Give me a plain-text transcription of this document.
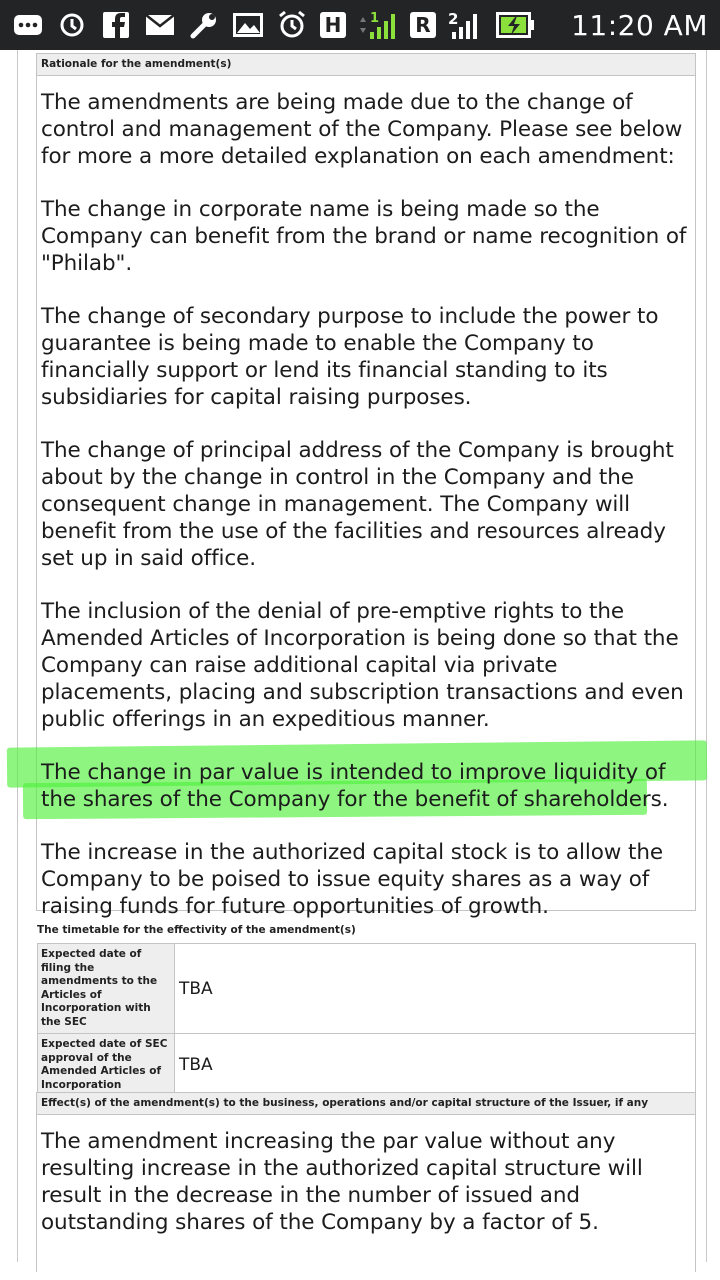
H	1 R	2	11:20 AM
Rationale for the amendment(s)

The amendments are being made due to the change of control and management of the Company. Please see below for more a more detailed explanation on each amendment:

The change in corporate name is being made so the Company can benefit from the brand or name recognition of "Philab".

The change of secondary purpose to include the power to guarantee is being made to enable the Company to financially support or lend its financial standing to its subsidiaries for capital raising purposes.

The change of principal address of the Company is brought about by the change in control in the Company and the consequent change in management. The Company will benefit from the use of the facilities and resources already set up in said office.

The inclusion of the denial of pre-emptive rights to the Amended Articles of Incorporation is being done so that the Company can raise additional capital via private placements, placing and subscription transactions and even public offerings in an expeditious manner.

The change in par value is intended to improve liquidity of the shares of the Company for the benefit of shareholders.

The increase in the authorized capital stock is to allow the Company to be poised to issue equity shares as a way of raising funds for future opportunities of growth.

The timetable for the effectivity of the amendment(s)
Expected date of filing the amendments to the Articles of Incorporation with the SEC	TBA
Expected date of SEC approval of the Amended Articles of Incorporation	TBA
Effect(s) of the amendment(s) to the business, operations and/or capital structure of the Issuer, if any

The amendment increasing the par value without any resulting increase in the authorized capital structure will result in the decrease in the number of issued and outstanding shares of the Company by a factor of 5.
